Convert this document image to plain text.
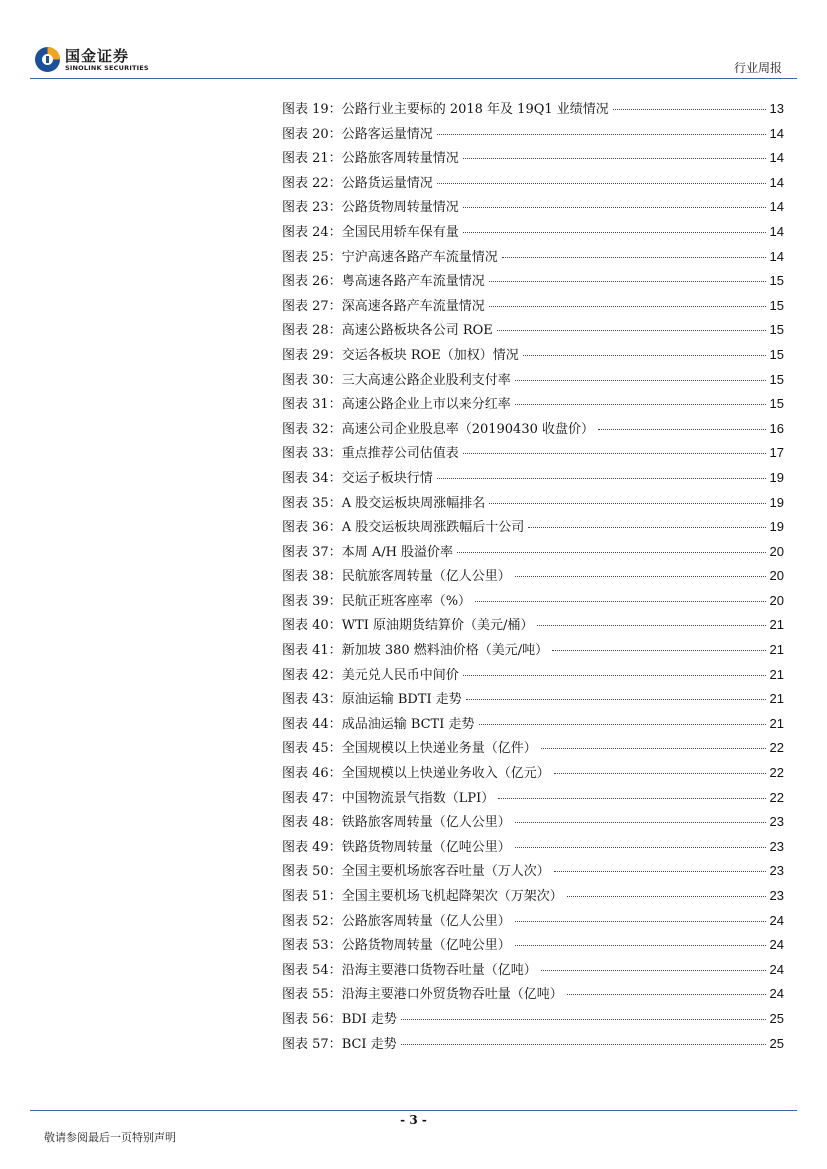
国金证券
SINOLINK SECURITIES	行业周报
图表 19： 公路行业主要标的 2018 年及 19Q1 业绩情况	13
图表 20： 公路客运量情况	14
图表 21： 公路旅客周转量情况	14
图表 22： 公路货运量情况	14
图表 23： 公路货物周转量情况	14
图表 24： 全国民用轿车保有量	14
图表 25： 宁沪高速各路产车流量情况	14
图表 26： 粤高速各路产车流量情况	15
图表 27： 深高速各路产车流量情况	15
图表 28： 高速公路板块各公司 ROE	15
图表 29： 交运各板块 ROE（加权）情况	15
图表 30： 三大高速公路企业股利支付率	15
图表 31： 高速公路企业上市以来分红率	15
图表 32： 高速公司企业股息率（20190430 收盘价）	16
图表 33： 重点推荐公司估值表	17
图表 34： 交运子板块行情	19
图表 35： A 股交运板块周涨幅排名	19
图表 36： A 股交运板块周涨跌幅后十公司	19
图表 37： 本周 A/H 股溢价率	20
图表 38： 民航旅客周转量（亿人公里）	20
图表 39： 民航正班客座率（%）	20
图表 40： WTI 原油期货结算价（美元/桶）	21
图表 41： 新加坡 380 燃料油价格（美元/吨）	21
图表 42： 美元兑人民币中间价	21
图表 43： 原油运输 BDTI 走势	21
图表 44： 成品油运输 BCTI 走势	21
图表 45： 全国规模以上快递业务量（亿件）	22
图表 46： 全国规模以上快递业务收入（亿元）	22
图表 47： 中国物流景气指数（LPI）	22
图表 48： 铁路旅客周转量（亿人公里）	23
图表 49： 铁路货物周转量（亿吨公里）	23
图表 50： 全国主要机场旅客吞吐量（万人次）	23
图表 51： 全国主要机场飞机起降架次（万架次）	23
图表 52： 公路旅客周转量（亿人公里）	24
图表 53： 公路货物周转量（亿吨公里）	24
图表 54： 沿海主要港口货物吞吐量（亿吨）	24
图表 55： 沿海主要港口外贸货物吞吐量（亿吨）	24
图表 56： BDI 走势	25
图表 57： BCI 走势	25
- 3 -
敬请参阅最后一页特别声明
